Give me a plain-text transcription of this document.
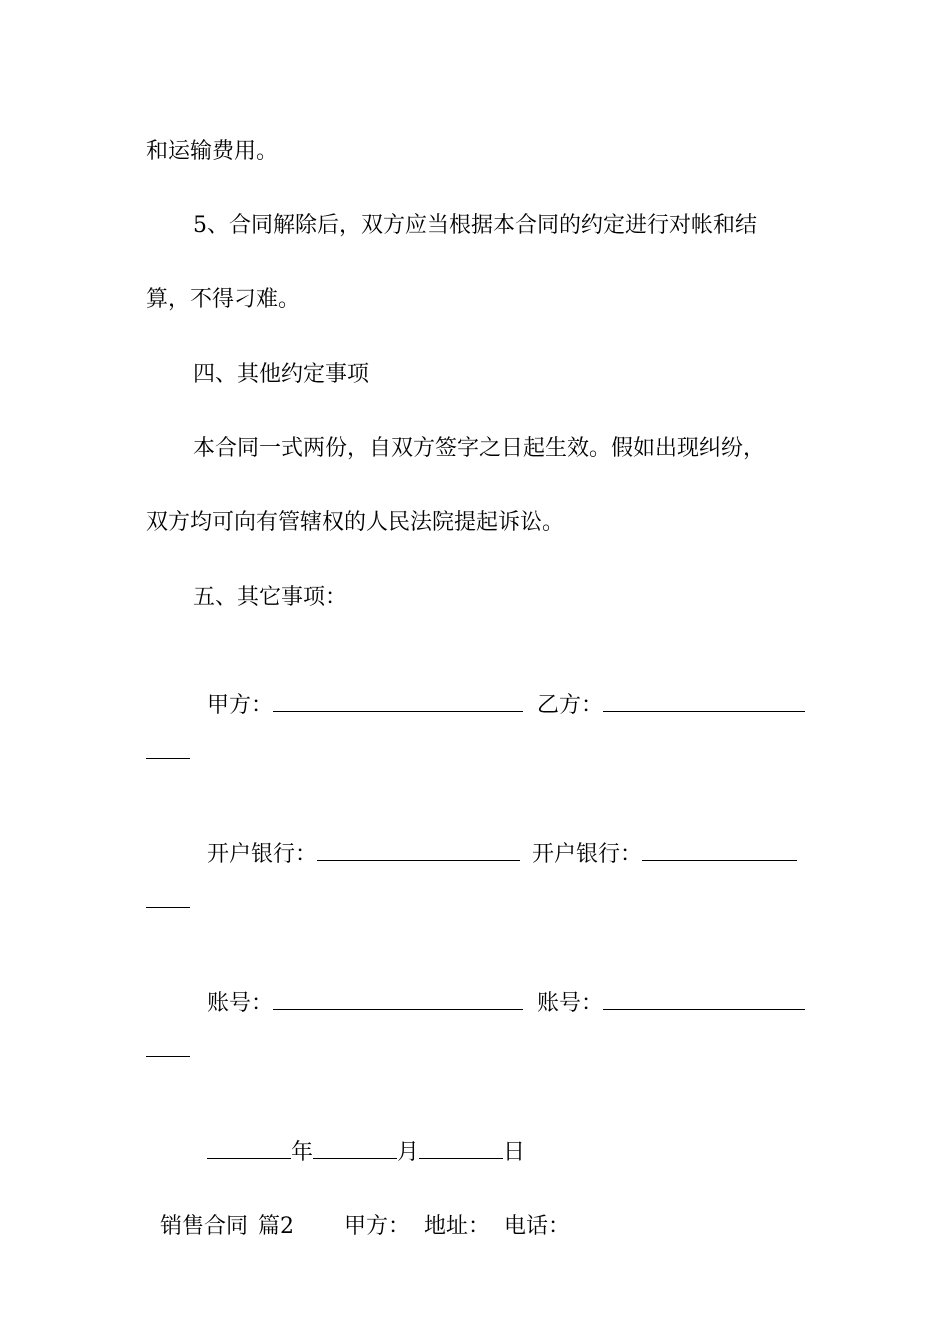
和运输费用。
5、合同解除后，双方应当根据本合同的约定进行对帐和结
算，不得刁难。
四、其他约定事项
本合同一式两份，自双方签字之日起生效。假如出现纠纷，
双方均可向有管辖权的人民法院提起诉讼。
五、其它事项：

甲方：	乙方：

开户银行：	开户银行：

账号：	账号：

年	月	日

销售合同 篇2 甲方： 地址： 电话：
